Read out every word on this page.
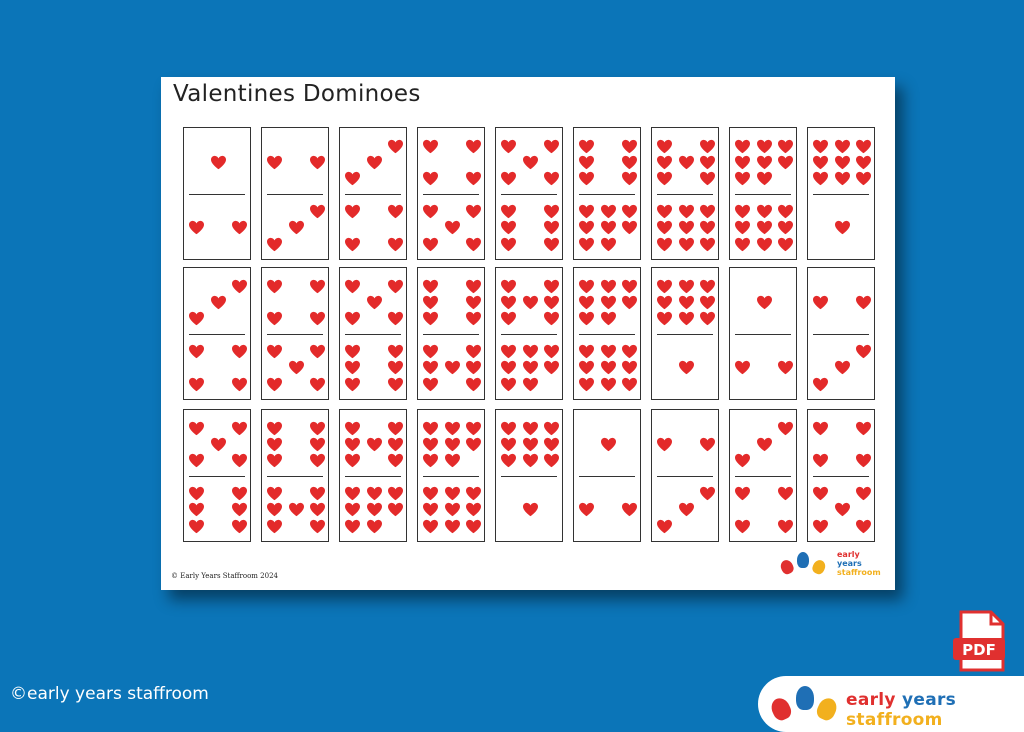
Valentines Dominoes
© Early Years Staffroom 2024
early
years
staffroom
PDF
©early years staffroom	early years staffroom
